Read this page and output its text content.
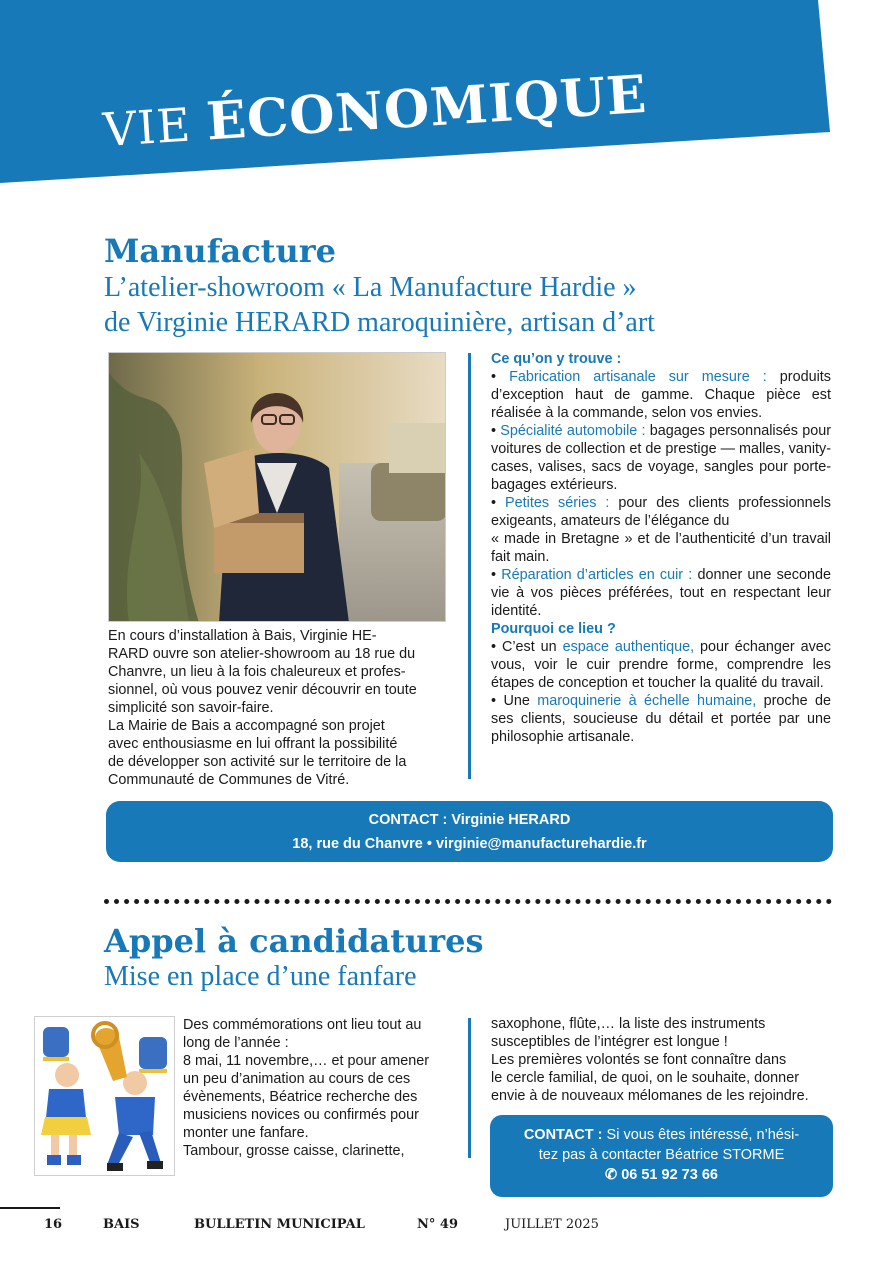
VIE ÉCONOMIQUE
Manufacture
L’atelier-showroom « La Manufacture Hardie »
de Virginie HERARD maroquinière, artisan d’art
En cours d’installation à Bais, Virginie HE-
RARD ouvre son atelier-showroom au 18 rue du
Chanvre, un lieu à la fois chaleureux et profes-
sionnel, où vous pouvez venir découvrir en toute
simplicité son savoir-faire.
La Mairie de Bais a accompagné son projet
avec enthousiasme en lui offrant la possibilité
de développer son activité sur le territoire de la
Communauté de Communes de Vitré.
Ce qu’on y trouve :
• Fabrication artisanale sur mesure : produits d’exception haut de gamme. Chaque pièce est réalisée à la commande, selon vos envies.
• Spécialité automobile : bagages personnalisés pour voitures de collection et de prestige — malles, vanity-cases, valises, sacs de voyage, sangles pour porte-bagages extérieurs.
• Petites séries : pour des clients professionnels exigeants, amateurs de l’élégance du
« made in Bretagne » et de l’authenticité d’un travail fait main.
• Réparation d’articles en cuir : donner une seconde vie à vos pièces préférées, tout en respectant leur identité.
Pourquoi ce lieu ?
• C’est un espace authentique, pour échanger avec vous, voir le cuir prendre forme, comprendre les étapes de conception et toucher la qualité du travail.
• Une maroquinerie à échelle humaine, proche de ses clients, soucieuse du détail et portée par une philosophie artisanale.
CONTACT : Virginie HERARD
18, rue du Chanvre • virginie@manufacturehardie.fr
Appel à candidatures
Mise en place d’une fanfare
Des commémorations ont lieu tout au
long de l’année :
8 mai, 11 novembre,… et pour amener
un peu d’animation au cours de ces
évènements, Béatrice recherche des
musiciens novices ou confirmés pour
monter une fanfare.
Tambour, grosse caisse, clarinette,
saxophone, flûte,… la liste des instruments
susceptibles de l’intégrer est longue !
Les premières volontés se font connaître dans
le cercle familial, de quoi, on le souhaite, donner
envie à de nouveaux mélomanes de les rejoindre.
CONTACT : Si vous êtes intéressé, n’hési-
tez pas à contacter Béatrice STORME
✆ 06 51 92 73 66
16	BAIS	BULLETIN MUNICIPAL	N° 49	JUILLET 2025
